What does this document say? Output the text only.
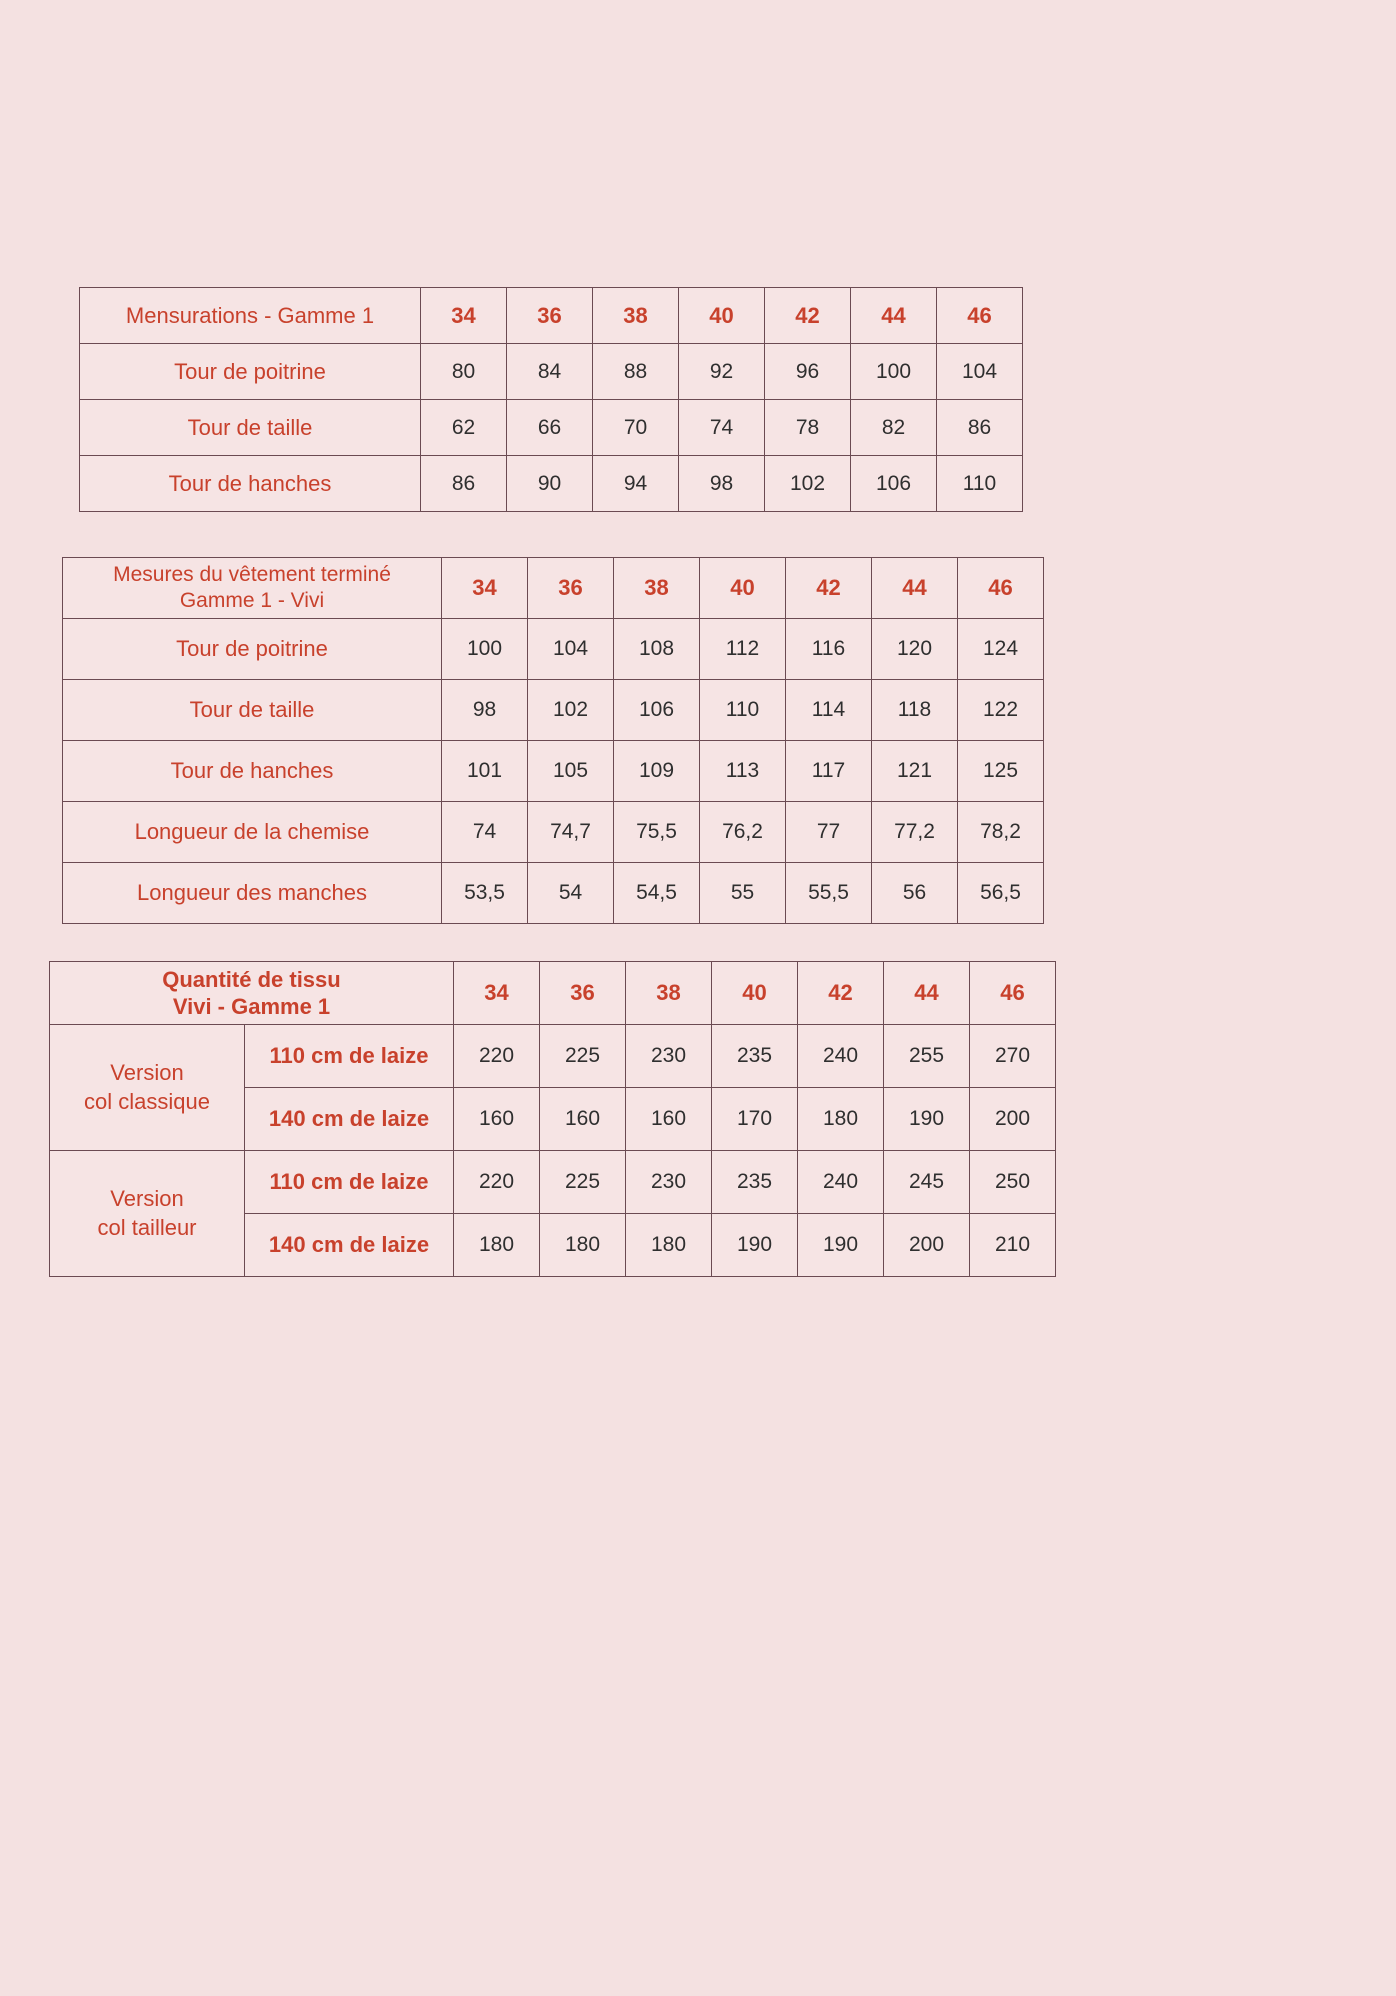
Mensurations - Gamme 1	34	36	38	40	42	44	46
Tour de poitrine	80	84	88	92	96	100	104
Tour de taille	62	66	70	74	78	82	86
Tour de hanches	86	90	94	98	102	106	110
Mesures du vêtement terminé
Gamme 1 - Vivi	34	36	38	40	42	44	46
Tour de poitrine	100	104	108	112	116	120	124
Tour de taille	98	102	106	110	114	118	122
Tour de hanches	101	105	109	113	117	121	125
Longueur de la chemise	74	74,7	75,5	76,2	77	77,2	78,2
Longueur des manches	53,5	54	54,5	55	55,5	56	56,5
Quantité de tissu
Vivi - Gamme 1		34	36	38	40	42	44	46

Version
col classique	110 cm de laize	220	225	230	235	240	255	270
	140 cm de laize	160	160	160	170	180	190	200

Version
col tailleur	110 cm de laize	220	225	230	235	240	245	250
	140 cm de laize	180	180	180	190	190	200	210
